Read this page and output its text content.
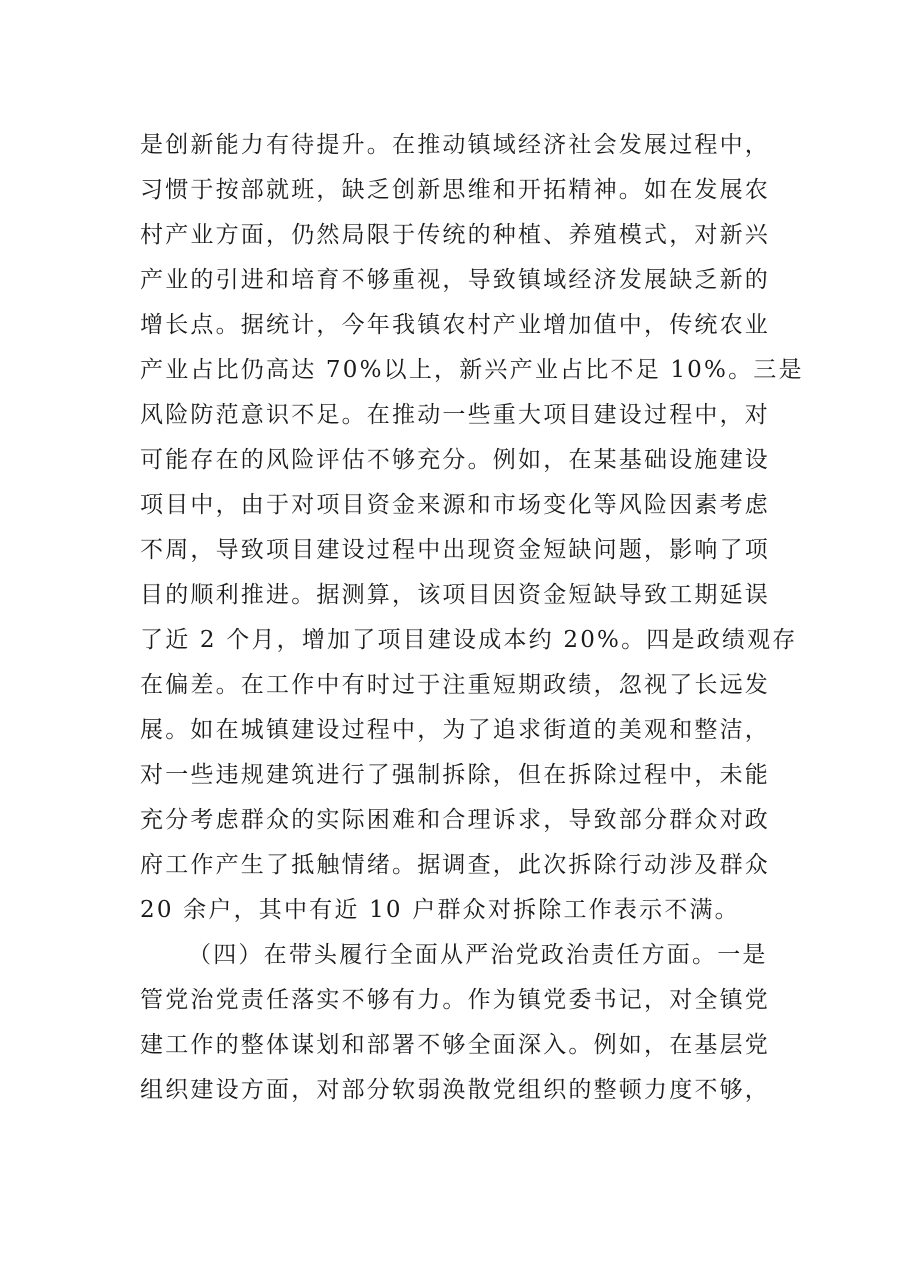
是创新能力有待提升。在推动镇域经济社会发展过程中，
习惯于按部就班，缺乏创新思维和开拓精神。如在发展农
村产业方面，仍然局限于传统的种植、养殖模式，对新兴
产业的引进和培育不够重视，导致镇域经济发展缺乏新的
增长点。据统计，今年我镇农村产业增加值中，传统农业
产业占比仍高达 70%以上，新兴产业占比不足 10%。三是
风险防范意识不足。在推动一些重大项目建设过程中，对
可能存在的风险评估不够充分。例如，在某基础设施建设
项目中，由于对项目资金来源和市场变化等风险因素考虑
不周，导致项目建设过程中出现资金短缺问题，影响了项
目的顺利推进。据测算，该项目因资金短缺导致工期延误
了近 2 个月，增加了项目建设成本约 20%。四是政绩观存
在偏差。在工作中有时过于注重短期政绩，忽视了长远发
展。如在城镇建设过程中，为了追求街道的美观和整洁，
对一些违规建筑进行了强制拆除，但在拆除过程中，未能
充分考虑群众的实际困难和合理诉求，导致部分群众对政
府工作产生了抵触情绪。据调查，此次拆除行动涉及群众
20 余户，其中有近 10 户群众对拆除工作表示不满。
（四）在带头履行全面从严治党政治责任方面。一是
管党治党责任落实不够有力。作为镇党委书记，对全镇党
建工作的整体谋划和部署不够全面深入。例如，在基层党
组织建设方面，对部分软弱涣散党组织的整顿力度不够，
